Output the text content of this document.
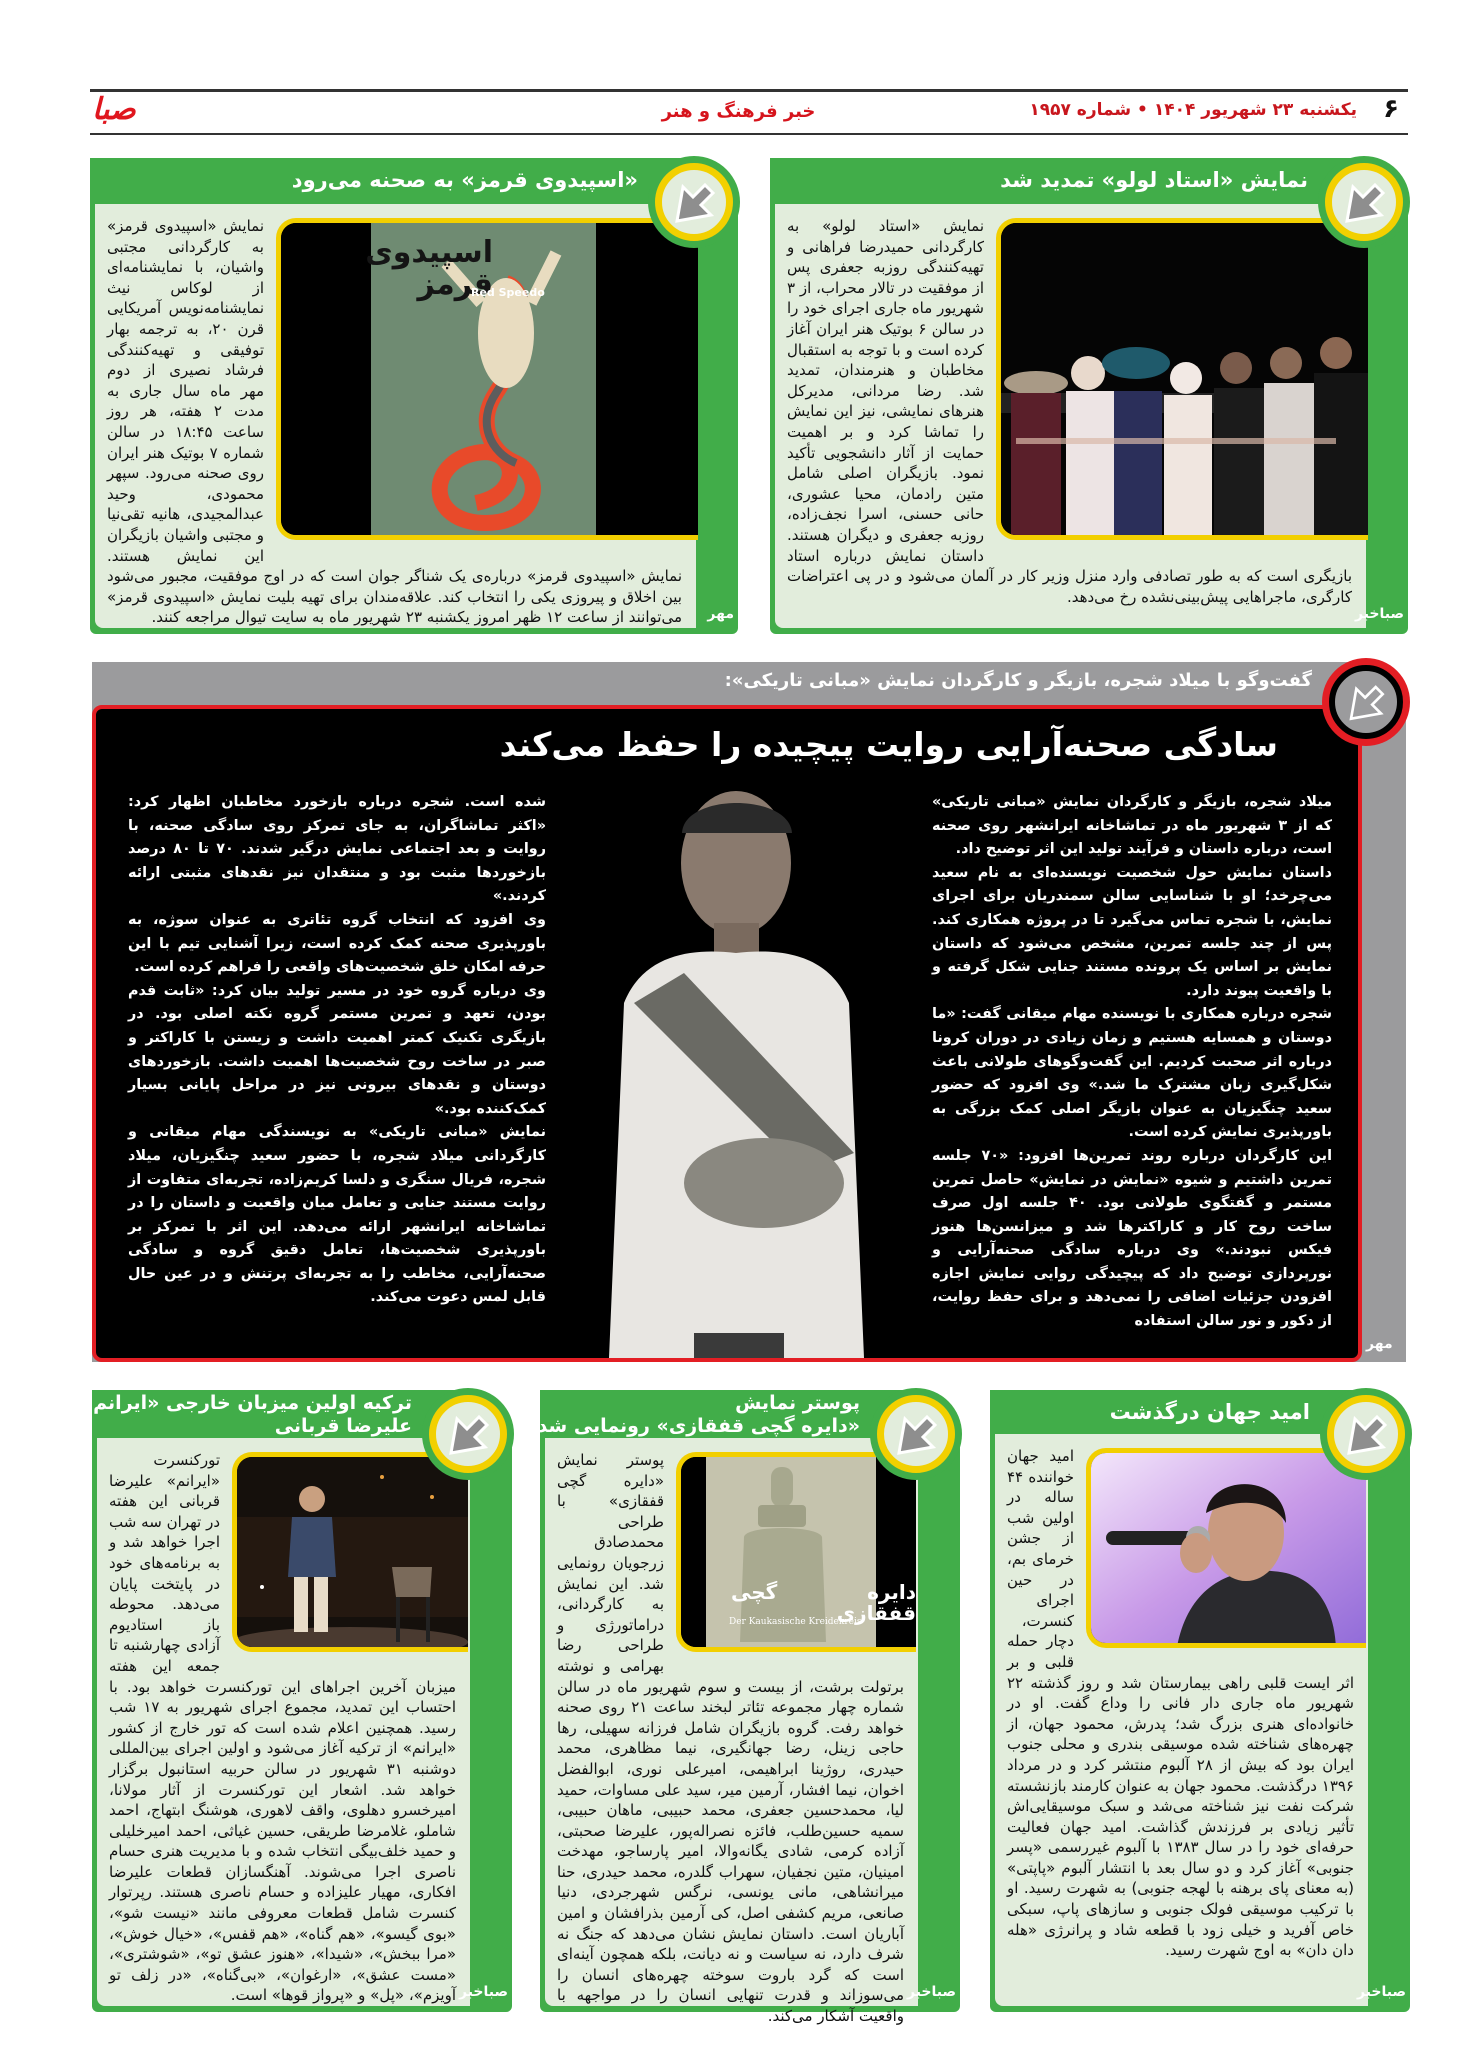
۶
یکشنبه ۲۳ شهریور ۱۴۰۴ • شماره ۱۹۵۷
خبر فرهنگ و هنر
صبا
نمایش «استاد لولو» تمدید شد

نمایش «استاد لولو» به کارگردانی حمیدرضا فراهانی و تهیه‌کنندگی روزبه جعفری پس از موفقیت در تالار محراب، از ۳ شهریور ماه جاری اجرای خود را در سالن ۶ بوتیک هنر ایران آغاز کرده است و با توجه به استقبال مخاطبان و هنرمندان، تمدید شد. رضا مردانی، مدیرکل هنرهای نمایشی، نیز این نمایش را تماشا کرد و بر اهمیت حمایت از آثار دانشجویی تأکید نمود. بازیگران اصلی شامل متین رادمان، محیا عشوری، حانی حسنی، اسرا نجف‌زاده، روزبه جعفری و دیگران هستند. داستان نمایش درباره استاد بازیگری است که به طور تصادفی وارد منزل وزیر کار در آلمان می‌شود و در پی اعتراضات کارگری، ماجراهایی پیش‌بینی‌نشده رخ می‌دهد.

صباخبر
«اسپیدوی قرمز» به صحنه می‌رود
اسپیدوی قرمز
Red Speedo

نمایش «اسپیدوی قرمز» به کارگردانی مجتبی واشیان، با نمایشنامه‌ای از لوکاس نیث نمایشنامه‌نویس آمریکایی قرن ۲۰، به ترجمه بهار توفیقی و تهیه‌کنندگی فرشاد نصیری از دوم مهر ماه سال جاری به مدت ۲ هفته، هر روز ساعت ۱۸:۴۵ در سالن شماره ۷ بوتیک هنر ایران روی صحنه می‌رود. سپهر محمودی، وحید عبدالمجیدی، هانیه تقی‌نیا و مجتبی واشیان بازیگران این نمایش هستند. نمایش «اسپیدوی قرمز» درباره‌ی یک شناگر جوان است که در اوج موفقیت، مجبور می‌شود بین اخلاق و پیروزی یکی را انتخاب کند. علاقه‌مندان برای تهیه بلیت نمایش «اسپیدوی قرمز» می‌توانند از ساعت ۱۲ ظهر امروز یکشنبه ۲۳ شهریور ماه به سایت تیوال مراجعه کنند. مهر
گفت‌وگو با میلاد شجره، بازیگر و کارگردان نمایش «مبانی تاریکی»:
سادگی صحنه‌آرایی روایت پیچیده را حفظ می‌کند

میلاد شجره، بازیگر و کارگردان نمایش «مبانی تاریکی» که از ۳ شهریور ماه در تماشاخانه ایرانشهر روی صحنه است، درباره داستان و فرآیند تولید این اثر توضیح داد.

داستان نمایش حول شخصیت نویسنده‌ای به نام سعید می‌چرخد؛ او با شناسایی سالن سمندریان برای اجرای نمایش، با شجره تماس می‌گیرد تا در پروژه همکاری کند. پس از چند جلسه تمرین، مشخص می‌شود که داستان نمایش بر اساس یک پرونده مستند جنایی شکل گرفته و با واقعیت پیوند دارد.

شجره درباره همکاری با نویسنده مهام میقانی گفت: «ما دوستان و همسایه هستیم و زمان زیادی در دوران کرونا درباره اثر صحبت کردیم. این گفت‌وگوهای طولانی باعث شکل‌گیری زبان مشترک ما شد.» وی افزود که حضور سعید چنگیزیان به عنوان بازیگر اصلی کمک بزرگی به باورپذیری نمایش کرده است.

این کارگردان درباره روند تمرین‌ها افزود: «۷۰ جلسه تمرین داشتیم و شیوه «نمایش در نمایش» حاصل تمرین مستمر و گفتگوی طولانی بود. ۴۰ جلسه اول صرف ساخت روح کار و کاراکترها شد و میزانسن‌ها هنوز فیکس نبودند.» وی درباره سادگی صحنه‌آرایی و نورپردازی توضیح داد که پیچیدگی روایی نمایش اجازه افزودن جزئیات اضافی را نمی‌دهد و برای حفظ روایت، از دکور و نور سالن استفاده

شده است. شجره درباره بازخورد مخاطبان اظهار کرد: «اکثر تماشاگران، به جای تمرکز روی سادگی صحنه، با روایت و بعد اجتماعی نمایش درگیر شدند. ۷۰ تا ۸۰ درصد بازخوردها مثبت بود و منتقدان نیز نقدهای مثبتی ارائه کردند.»

وی افزود که انتخاب گروه تئاتری به عنوان سوژه، به باورپذیری صحنه کمک کرده است، زیرا آشنایی تیم با این حرفه امکان خلق شخصیت‌های واقعی را فراهم کرده است.

وی درباره گروه خود در مسیر تولید بیان کرد: «ثابت قدم بودن، تعهد و تمرین مستمر گروه نکته اصلی بود. در بازیگری تکنیک کمتر اهمیت داشت و زیستن با کاراکتر و صبر در ساخت روح شخصیت‌ها اهمیت داشت. بازخوردهای دوستان و نقدهای بیرونی نیز در مراحل پایانی بسیار کمک‌کننده بود.»

نمایش «مبانی تاریکی» به نویسندگی مهام میقانی و کارگردانی میلاد شجره، با حضور سعید چنگیزیان، میلاد شجره، فریال سنگری و دلسا کریم‌زاده، تجربه‌ای متفاوت از روایت مستند جنایی و تعامل میان واقعیت و داستان را در تماشاخانه ایرانشهر ارائه می‌دهد. این اثر با تمرکز بر باورپذیری شخصیت‌ها، تعامل دقیق گروه و سادگی صحنه‌آرایی، مخاطب را به تجربه‌ای پرتنش و در عین حال قابل لمس دعوت می‌کند.

مهر
امید جهان درگذشت

امید جهان خواننده ۴۴ ساله در اولین شب از جشن خرمای بم، در حین اجرای کنسرت، دچار حمله قلبی و بر اثر ایست قلبی راهی بیمارستان شد و روز گذشته ۲۲ شهریور ماه جاری دار فانی را وداع گفت. او در خانواده‌ای هنری بزرگ شد؛ پدرش، محمود جهان، از چهره‌های شناخته شده موسیقی بندری و محلی جنوب ایران بود که بیش از ۲۸ آلبوم منتشر کرد و در مرداد ۱۳۹۶ درگذشت. محمود جهان به عنوان کارمند بازنشسته شرکت نفت نیز شناخته می‌شد و سبک موسیقایی‌اش تأثیر زیادی بر فرزندش گذاشت. امید جهان فعالیت حرفه‌ای خود را در سال ۱۳۸۳ با آلبوم غیررسمی «پسر جنوبی» آغاز کرد و دو سال بعد با انتشار آلبوم «پاپتی» (به معنای پای برهنه با لهجه جنوبی) به شهرت رسید. او با ترکیب موسیقی فولک جنوبی و سازهای پاپ، سبکی خاص آفرید و خیلی زود با قطعه شاد و پرانرژی «هله دان دان» به اوج شهرت رسید.

صباخبر
پوستر نمایش
«دایره گچی قفقازی» رونمایی شد
دایره گچی قفقازی
Der Kaukasische Kreidekreis

پوستر نمایش «دایره گچی قفقازی» با طراحی محمدصادق زرجویان رونمایی شد. این نمایش به کارگردانی، دراماتورژی و طراحی رضا بهرامی و نوشته برتولت برشت، از بیست و سوم شهریور ماه در سالن شماره چهار مجموعه تئاتر لبخند ساعت ۲۱ روی صحنه خواهد رفت. گروه بازیگران شامل فرزانه سهیلی، رها حاجی زینل، رضا جهانگیری، نیما مظاهری، محمد حیدری، روژینا ابراهیمی، امیرعلی نوری، ابوالفضل اخوان، نیما افشار، آرمین میر، سید علی مساوات، حمید لیا، محمدحسین جعفری، محمد حبیبی، ماهان حبیبی، سمیه حسین‌طلب، فائزه نصراله‌پور، علیرضا صحبتی، آزاده کرمی، شادی یگانه‌والا، امیر پارساجو، مهدخت امینیان، متین نجفیان، سهراب گلدره، محمد حیدری، حنا میرانشاهی، مانی یونسی، نرگس شهرجردی، دنیا صانعی، مریم کشفی اصل، کی آرمین بذرافشان و امین آباریان است. داستان نمایش نشان می‌دهد که جنگ نه شرف دارد، نه سیاست و نه دیانت، بلکه همچون آینه‌ای است که گرد باروت سوخته چهره‌های انسان را می‌سوزاند و قدرت تنهایی انسان را در مواجهه با واقعیت آشکار می‌کند.

صباخبر
ترکیه اولین میزبان خارجی «ایرانم»
علیرضا قربانی

تورکنسرت «ایرانم» علیرضا قربانی این هفته در تهران سه شب اجرا خواهد شد و به برنامه‌های خود در پایتخت پایان می‌دهد. محوطه باز استادیوم آزادی چهارشنبه تا جمعه این هفته میزبان آخرین اجراهای این تورکنسرت خواهد بود. با احتساب این تمدید، مجموع اجرای شهریور به ۱۷ شب رسید. همچنین اعلام شده است که تور خارج از کشور «ایرانم» از ترکیه آغاز می‌شود و اولین اجرای بین‌المللی دوشنبه ۳۱ شهریور در سالن حربیه استانبول برگزار خواهد شد. اشعار این تورکنسرت از آثار مولانا، امیرخسرو دهلوی، واقف لاهوری، هوشنگ ابتهاج، احمد شاملو، غلامرضا طریقی، حسین غیاثی، احمد امیرخلیلی و حمید خلف‌بیگی انتخاب شده و با مدیریت هنری حسام ناصری اجرا می‌شوند. آهنگسازان قطعات علیرضا افکاری، مهیار علیزاده و حسام ناصری هستند. رپرتوار کنسرت شامل قطعات معروفی مانند «نیست شو»، «بوی گیسو»، «هم گناه»، «هم قفس»، «خیال خوش»، «مرا ببخش»، «شیدا»، «هنوز عشق تو»، «شوشتری»، «مست عشق»، «ارغوان»، «بی‌گناه»، «در زلف تو آویزم»، «پل» و «پرواز قوها» است. صباخبر
